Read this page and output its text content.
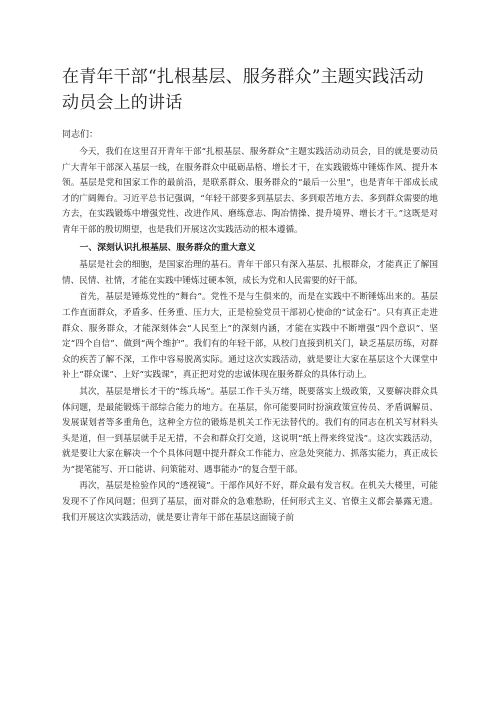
在青年干部“扎根基层、服务群众”主题实践活动动员会上的讲话

同志们：

今天，我们在这里召开青年干部“扎根基层、服务群众”主题实践活动动员会，目的就是要动员广大青年干部深入基层一线，在服务群众中砥砺品格、增长才干，在实践锻炼中锤炼作风、提升本领。基层是党和国家工作的最前沿，是联系群众、服务群众的“最后一公里”，也是青年干部成长成才的广阔舞台。习近平总书记强调，“年轻干部要多到基层去、多到艰苦地方去、多到群众需要的地方去，在实践锻炼中增强党性、改进作风、磨练意志、陶冶情操、提升境界、增长才干。”这既是对青年干部的殷切期望，也是我们开展这次实践活动的根本遵循。

一、深刻认识扎根基层、服务群众的重大意义

基层是社会的细胞，是国家治理的基石。青年干部只有深入基层、扎根群众，才能真正了解国情、民情、社情，才能在实践中锤炼过硬本领，成长为党和人民需要的好干部。

首先，基层是锤炼党性的“舞台”。党性不是与生俱来的，而是在实践中不断锤炼出来的。基层工作直面群众，矛盾多、任务重、压力大，正是检验党员干部初心使命的“试金石”。只有真正走进群众、服务群众，才能深刻体会“人民至上”的深刻内涵，才能在实践中不断增强“四个意识”、坚定“四个自信”、做到“两个维护”。我们有的年轻干部，从校门直接到机关门，缺乏基层历练，对群众的疾苦了解不深，工作中容易脱离实际。通过这次实践活动，就是要让大家在基层这个大课堂中补上“群众课”、上好“实践课”，真正把对党的忠诚体现在服务群众的具体行动上。

其次，基层是增长才干的“练兵场”。基层工作千头万绪，既要落实上级政策，又要解决群众具体问题，是最能锻炼干部综合能力的地方。在基层，你可能要同时扮演政策宣传员、矛盾调解员、发展谋划者等多重角色，这种全方位的锻炼是机关工作无法替代的。我们有的同志在机关写材料头头是道，但一到基层就手足无措，不会和群众打交道，这说明“纸上得来终觉浅”。这次实践活动，就是要让大家在解决一个个具体问题中提升群众工作能力、应急处突能力、抓落实能力，真正成长为“提笔能写、开口能讲、问策能对、遇事能办”的复合型干部。

再次，基层是检验作风的“透视镜”。干部作风好不好，群众最有发言权。在机关大楼里，可能发现不了作风问题；但到了基层，面对群众的急难愁盼，任何形式主义、官僚主义都会暴露无遗。我们开展这次实践活动，就是要让青年干部在基层这面镜子前
